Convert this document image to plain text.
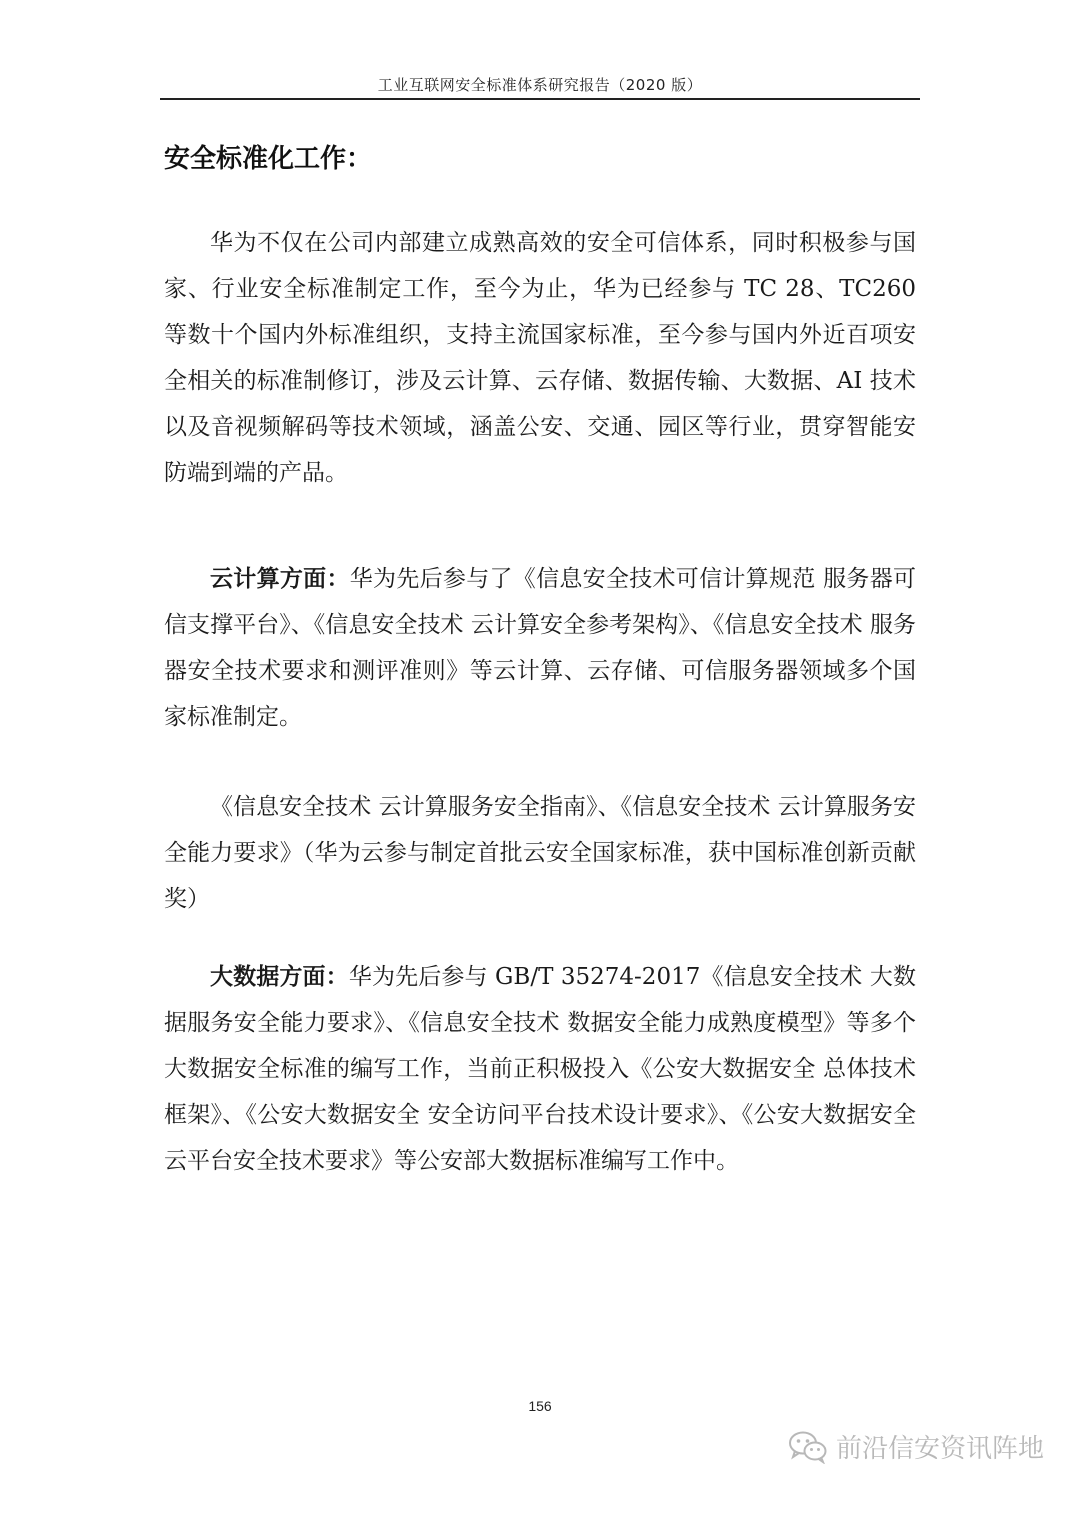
工业互联网安全标准体系研究报告（2020 版）
安全标准化工作：

华为不仅在公司内部建立成熟高效的安全可信体系，同时积极参与国家、行业安全标准制定工作，至今为止，华为已经参与 TC 28、TC260 等数十个国内外标准组织，支持主流国家标准，至今参与国内外近百项安全相关的标准制修订，涉及云计算、云存储、数据传输、大数据、AI 技术以及音视频解码等技术领域，涵盖公安、交通、园区等行业，贯穿智能安防端到端的产品。

云计算方面：华为先后参与了《信息安全技术可信计算规范 服务器可信支撑平台》、《信息安全技术 云计算安全参考架构》、《信息安全技术 服务器安全技术要求和测评准则》等云计算、云存储、可信服务器领域多个国家标准制定。

《信息安全技术 云计算服务安全指南》、《信息安全技术 云计算服务安全能力要求》（华为云参与制定首批云安全国家标准，获中国标准创新贡献奖）

大数据方面：华为先后参与 GB/T 35274-2017《信息安全技术 大数据服务安全能力要求》、《信息安全技术 数据安全能力成熟度模型》等多个大数据安全标准的编写工作，当前正积极投入《公安大数据安全 总体技术框架》、《公安大数据安全 安全访问平台技术设计要求》、《公安大数据安全 云平台安全技术要求》等公安部大数据标准编写工作中。

156
前沿信安资讯阵地
